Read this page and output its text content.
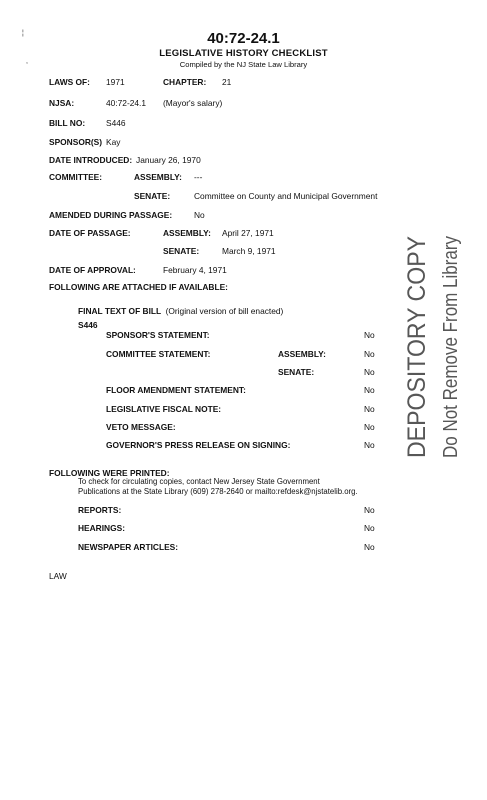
¦
,
40:72-24.1
LEGISLATIVE HISTORY CHECKLIST
Compiled by the NJ State Law Library
LAWS OF: 1971	CHAPTER: 21
NJSA:	40:72-24.1 (Mayor's salary)
BILL NO: S446
SPONSOR(S) Kay
DATE INTRODUCED: January 26, 1970
COMMITTEE:	ASSEMBLY: ---
SENATE:	Committee on County and Municipal Government
AMENDED DURING PASSAGE:	No
DATE OF PASSAGE:	ASSEMBLY: April 27, 1971
SENATE:	March 9, 1971
DATE OF APPROVAL:	February 4, 1971
FOLLOWING ARE ATTACHED IF AVAILABLE:
FINAL TEXT OF BILL (Original version of bill enacted)
S446
SPONSOR'S STATEMENT:	No
COMMITTEE STATEMENT:	ASSEMBLY:	No
SENATE:	No
FLOOR AMENDMENT STATEMENT:	No
LEGISLATIVE FISCAL NOTE:	No
VETO MESSAGE:	No
GOVERNOR'S PRESS RELEASE ON SIGNING:	No
FOLLOWING WERE PRINTED:
To check for circulating copies, contact New Jersey State Government
Publications at the State Library (609) 278-2640 or mailto:refdesk@njstatelib.org.
REPORTS:	No
HEARINGS:	No
NEWSPAPER ARTICLES:	No
LAW
DEPOSITORY COPY Do Not Remove From Library
